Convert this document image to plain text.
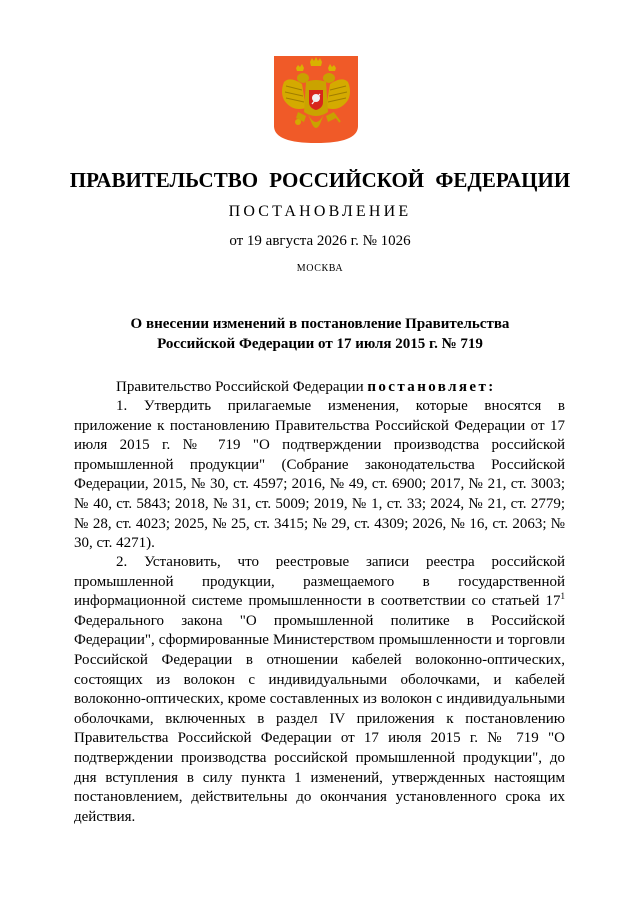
ПРАВИТЕЛЬСТВО РОССИЙСКОЙ ФЕДЕРАЦИИ
ПОСТАНОВЛЕНИЕ
от 19 августа 2026 г. № 1026
МОСКВА
О внесении изменений в постановление Правительства Российской Федерации от 17 июля 2015 г. № 719
Правительство Российской Федерации постановляет:
1. Утвердить прилагаемые изменения, которые вносятся в приложение к постановлению Правительства Российской Федерации от 17 июля 2015 г. № 719 "О подтверждении производства российской промышленной продукции" (Собрание законодательства Российской Федерации, 2015, № 30, ст. 4597; 2016, № 49, ст. 6900; 2017, № 21, ст. 3003; № 40, ст. 5843; 2018, № 31, ст. 5009; 2019, № 1, ст. 33; 2024, № 21, ст. 2779; № 28, ст. 4023; 2025, № 25, ст. 3415; № 29, ст. 4309; 2026, № 16, ст. 2063; № 30, ст. 4271).
2. Установить, что реестровые записи реестра российской промышленной продукции, размещаемого в государственной информационной системе промышленности в соответствии со статьей $17^1$ Федерального закона "О промышленной политике в Российской Федерации", сформированные Министерством промышленности и торговли Российской Федерации в отношении кабелей волоконно-оптических, состоящих из волокон с индивидуальными оболочками, и кабелей волоконно-оптических, кроме составленных из волокон с индивидуальными оболочками, включенных в раздел IV приложения к постановлению Правительства Российской Федерации от 17 июля 2015 г. № 719 "О подтверждении производства российской промышленной продукции", до дня вступления в силу пункта 1 изменений, утвержденных настоящим постановлением, действительны до окончания установленного срока их действия.
